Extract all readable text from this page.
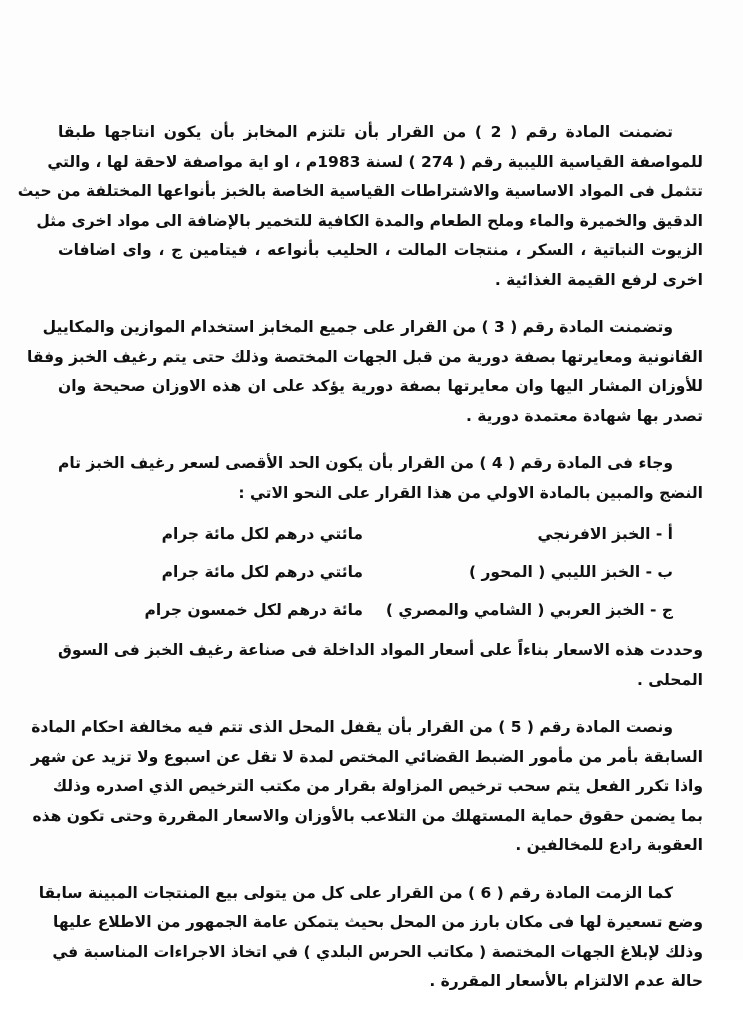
تضمنت المادة رقم ( 2 ) من القرار بأن تلتزم المخابز بأن يكون انتاجها طبقا
للمواصفة القياسية الليبية رقم ( 274 ) لسنة 1983م ، او اية مواصفة لاحقة لها ، والتي
تتثمل فى المواد الاساسية والاشتراطات القياسية الخاصة بالخبز بأنواعها المختلفة من حيث
الدقيق والخميرة والماء وملح الطعام والمدة الكافية للتخمير بالإضافة الى مواد اخرى مثل
الزيوت النباتية ، السكر ، منتجات المالت ، الحليب بأنواعه ، فيتامين ج ، واى اضافات
اخرى لرفع القيمة الغذائية .
وتضمنت المادة رقم ( 3 ) من القرار على جميع المخابز استخدام الموازين والمكاييل
القانونية ومعايرتها بصفة دورية من قبل الجهات المختصة وذلك حتى يتم رغيف الخبز وفقا
للأوزان المشار اليها وان معايرتها بصفة دورية يؤكد على ان هذه الاوزان صحيحة وان
تصدر بها شهادة معتمدة دورية .
وجاء فى المادة رقم ( 4 ) من القرار بأن يكون الحد الأقصى لسعر رغيف الخبز تام
النضج والمبين بالمادة الاولي من هذا القرار على النحو الاتي :
أ - الخبز الافرنجي
مائتي درهم لكل مائة جرام
ب - الخبز الليبي ( المحور )
مائتي درهم لكل مائة جرام
ج - الخبز العربي ( الشامي والمصري )
مائة درهم لكل خمسون جرام
وحددت هذه الاسعار بناءاً على أسعار المواد الداخلة فى صناعة رغيف الخبز فى السوق
المحلى .
ونصت المادة رقم ( 5 ) من القرار بأن يقفل المحل الذى تتم فيه مخالفة احكام المادة
السابقة بأمر من مأمور الضبط القضائي المختص لمدة لا تقل عن اسبوع ولا تزيد عن شهر
واذا تكرر الفعل يتم سحب ترخيص المزاولة بقرار من مكتب الترخيص الذي اصدره وذلك
بما يضمن حقوق حماية المستهلك من التلاعب بالأوزان والاسعار المقررة وحتى تكون هذه
العقوبة رادع للمخالفين .
كما الزمت المادة رقم ( 6 ) من القرار على كل من يتولى بيع المنتجات المبينة سابقا
وضع تسعيرة لها فى مكان بارز من المحل بحيث يتمكن عامة الجمهور من الاطلاع عليها
وذلك لإبلاغ الجهات المختصة ( مكاتب الحرس البلدي ) في اتخاذ الاجراءات المناسبة في
حالة عدم الالتزام بالأسعار المقررة .
